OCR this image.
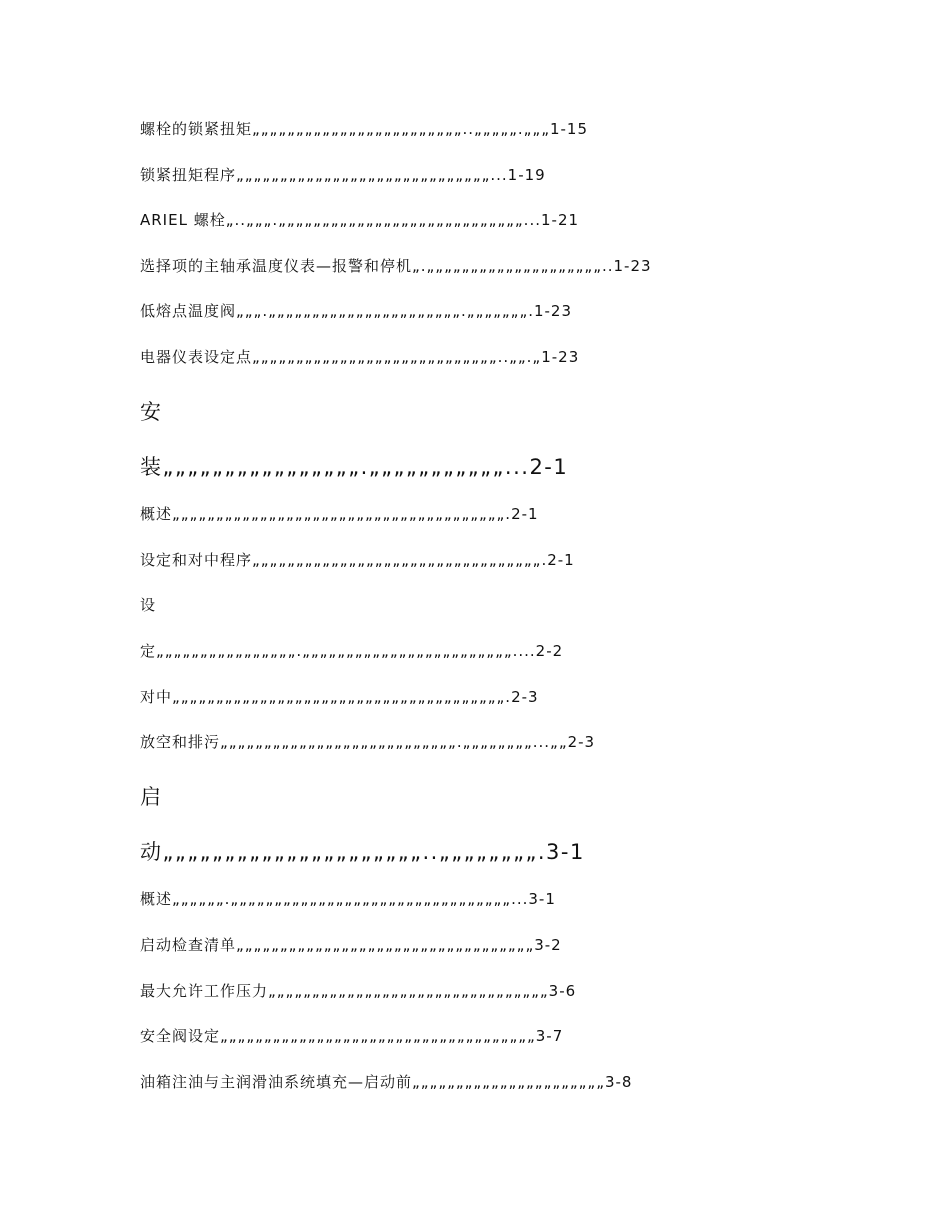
螺栓的锁紧扭矩„„„„„„„„„„„„„„„„„„„„„„„„..„„„„„.„„„1-15
锁紧扭矩程序„„„„„„„„„„„„„„„„„„„„„„„„„„„„„...1-19
ARIEL 螺栓„..„„„.„„„„„„„„„„„„„„„„„„„„„„„„„„„„...1-21
选择项的主轴承温度仪表—报警和停机„.„„„„„„„„„„„„„„„„„„„„..1-23
低熔点温度阀„„„.„„„„„„„„„„„„„„„„„„„„„„.„„„„„„„.1-23
电器仪表设定点„„„„„„„„„„„„„„„„„„„„„„„„„„„„..„„.„1-23
安
装„„„„„„„„„„„„„„„„.„„„„„„„„„„„...2-1
概述„„„„„„„„„„„„„„„„„„„„„„„„„„„„„„„„„„„„„„.2-1
设定和对中程序„„„„„„„„„„„„„„„„„„„„„„„„„„„„„„„„„.2-1
设
定„„„„„„„„„„„„„„„„.„„„„„„„„„„„„„„„„„„„„„„„„....2-2
对中„„„„„„„„„„„„„„„„„„„„„„„„„„„„„„„„„„„„„„.2-3
放空和排污„„„„„„„„„„„„„„„„„„„„„„„„„„„.„„„„„„„„...„„2-3
启
动„„„„„„„„„„„„„„„„„„„„„..„„„„„„„„.3-1
概述„„„„„„.„„„„„„„„„„„„„„„„„„„„„„„„„„„„„„„„...3-1
启动检查清单„„„„„„„„„„„„„„„„„„„„„„„„„„„„„„„„„„3-2
最大允许工作压力„„„„„„„„„„„„„„„„„„„„„„„„„„„„„„„„3-6
安全阀设定„„„„„„„„„„„„„„„„„„„„„„„„„„„„„„„„„„„„3-7
油箱注油与主润滑油系统填充—启动前„„„„„„„„„„„„„„„„„„„„„„3-8
